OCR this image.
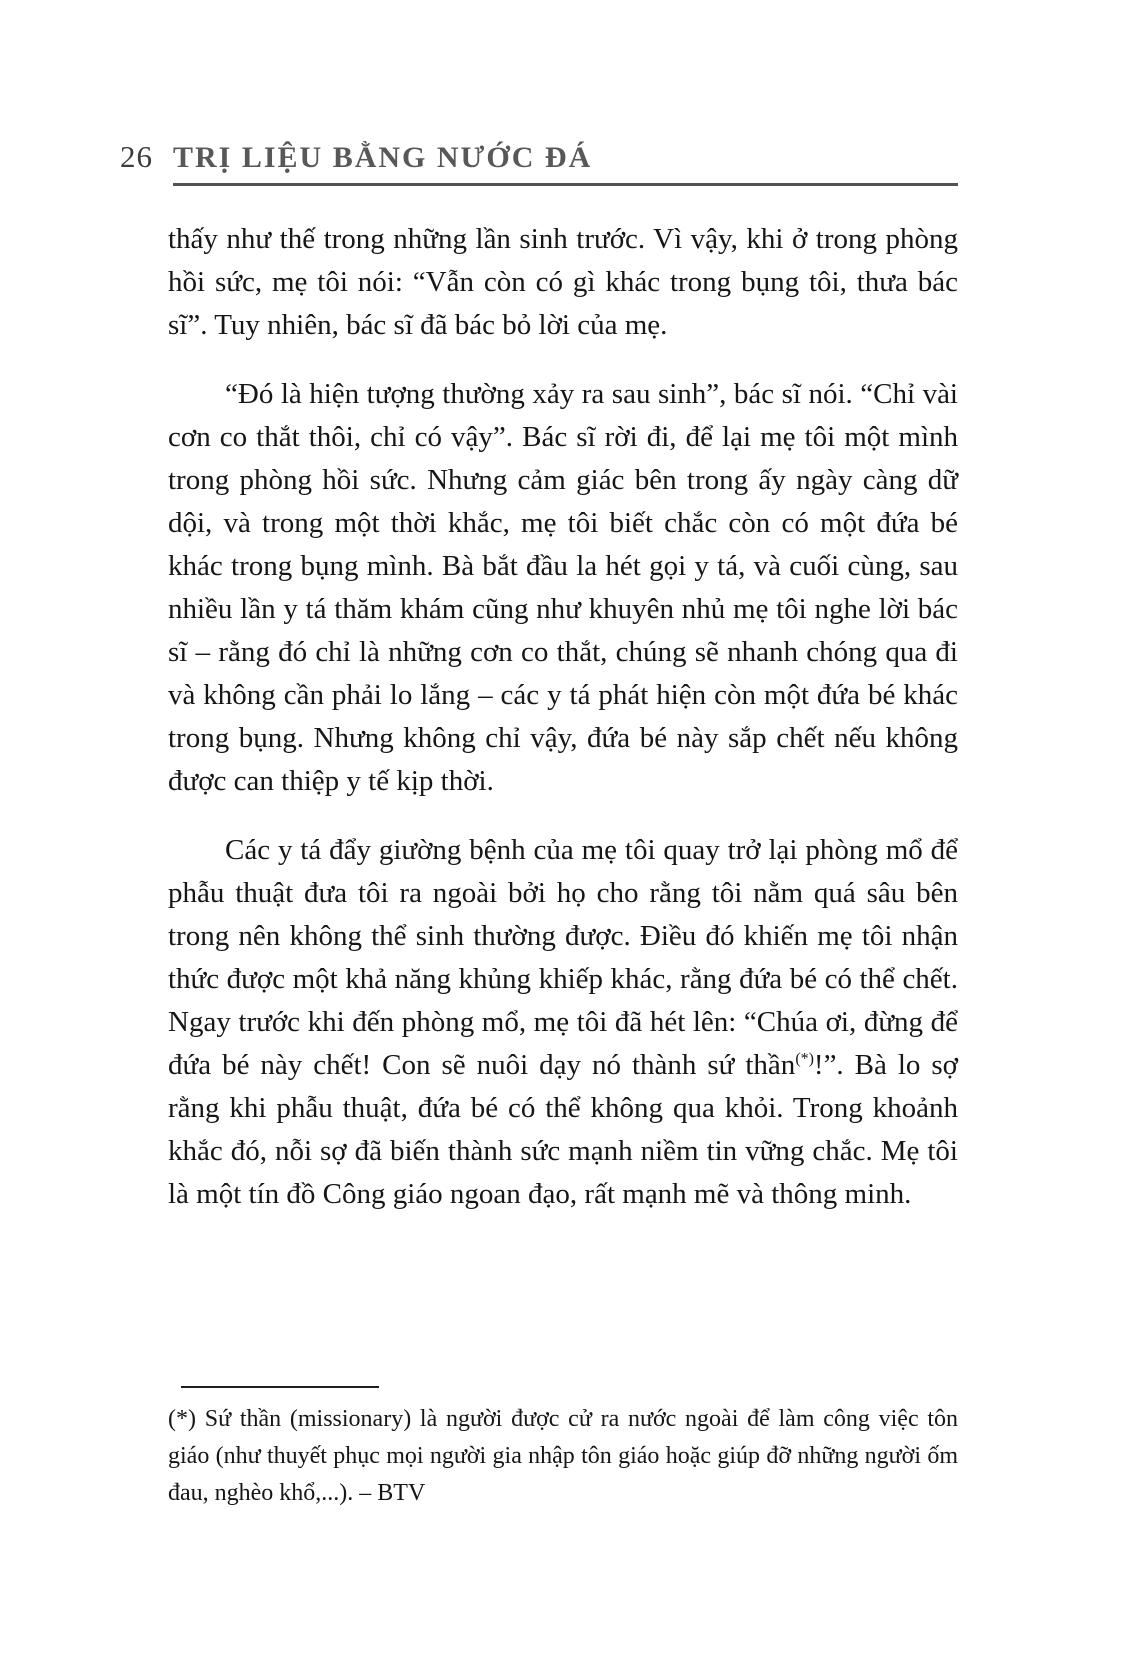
26 TRỊ LIỆU BẰNG NƯỚC ĐÁ

thấy như thế trong những lần sinh trước. Vì vậy, khi ở trong phòng hồi sức, mẹ tôi nói: “Vẫn còn có gì khác trong bụng tôi, thưa bác sĩ”. Tuy nhiên, bác sĩ đã bác bỏ lời của mẹ.

“Đó là hiện tượng thường xảy ra sau sinh”, bác sĩ nói. “Chỉ vài cơn co thắt thôi, chỉ có vậy”. Bác sĩ rời đi, để lại mẹ tôi một mình trong phòng hồi sức. Nhưng cảm giác bên trong ấy ngày càng dữ dội, và trong một thời khắc, mẹ tôi biết chắc còn có một đứa bé khác trong bụng mình. Bà bắt đầu la hét gọi y tá, và cuối cùng, sau nhiều lần y tá thăm khám cũng như khuyên nhủ mẹ tôi nghe lời bác sĩ – rằng đó chỉ là những cơn co thắt, chúng sẽ nhanh chóng qua đi và không cần phải lo lắng – các y tá phát hiện còn một đứa bé khác trong bụng. Nhưng không chỉ vậy, đứa bé này sắp chết nếu không được can thiệp y tế kịp thời.

Các y tá đẩy giường bệnh của mẹ tôi quay trở lại phòng mổ để phẫu thuật đưa tôi ra ngoài bởi họ cho rằng tôi nằm quá sâu bên trong nên không thể sinh thường được. Điều đó khiến mẹ tôi nhận thức được một khả năng khủng khiếp khác, rằng đứa bé có thể chết. Ngay trước khi đến phòng mổ, mẹ tôi đã hét lên: “Chúa ơi, đừng để đứa bé này chết! Con sẽ nuôi dạy nó thành sứ thần(*)!”. Bà lo sợ rằng khi phẫu thuật, đứa bé có thể không qua khỏi. Trong khoảnh khắc đó, nỗi sợ đã biến thành sức mạnh niềm tin vững chắc. Mẹ tôi là một tín đồ Công giáo ngoan đạo, rất mạnh mẽ và thông minh.

(*) Sứ thần (missionary) là người được cử ra nước ngoài để làm công việc tôn giáo (như thuyết phục mọi người gia nhập tôn giáo hoặc giúp đỡ những người ốm đau, nghèo khổ,...). – BTV
